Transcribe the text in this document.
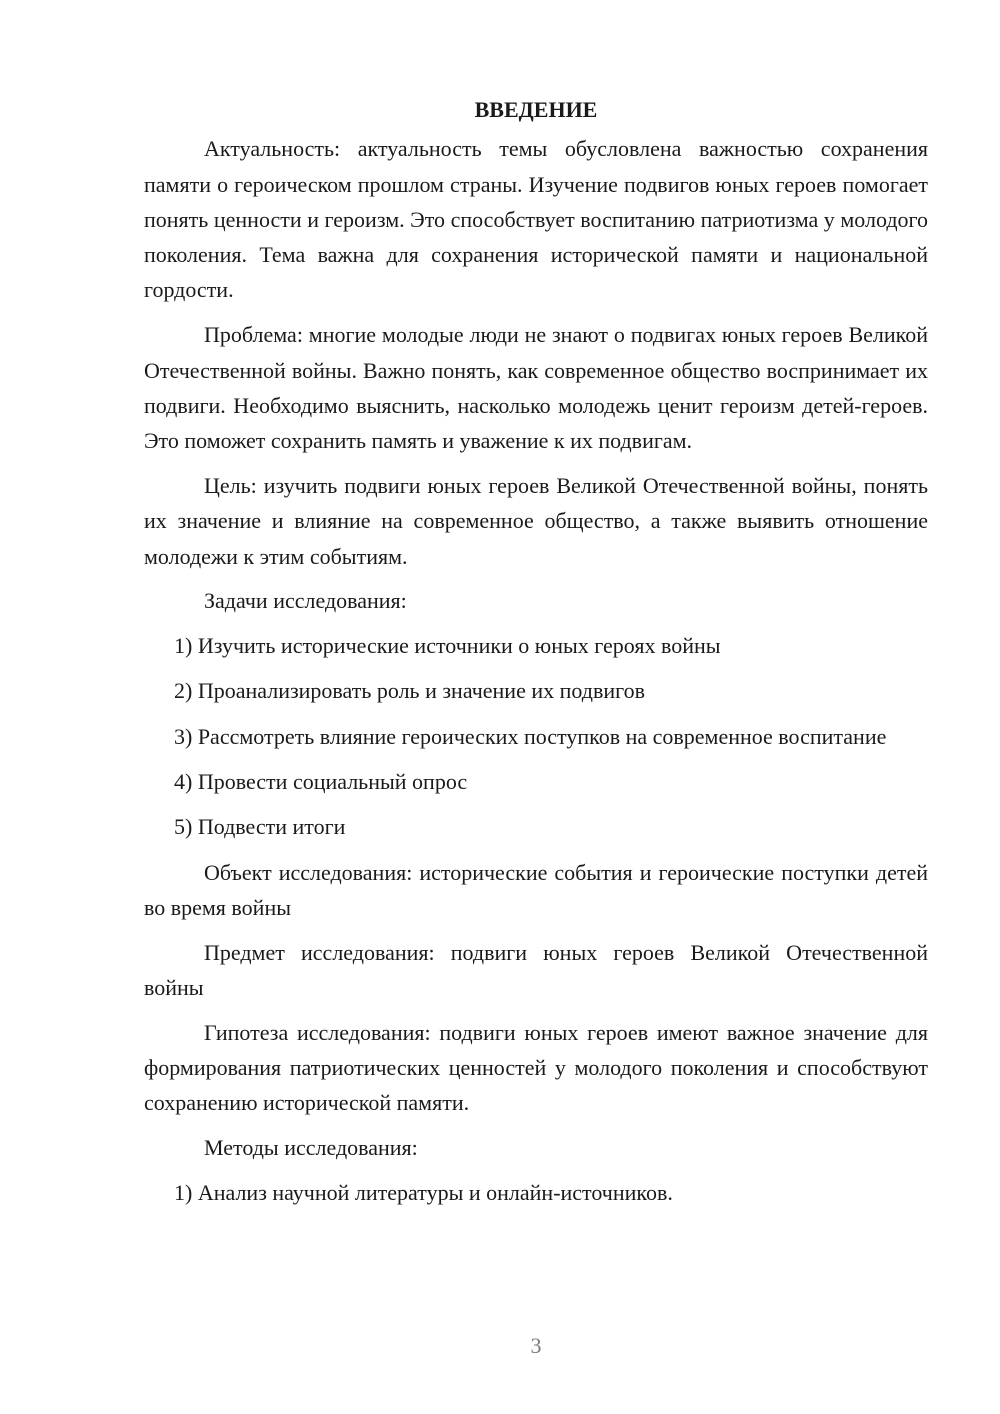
ВВЕДЕНИЕ

Актуальность: актуальность темы обусловлена важностью сохранения памяти о героическом прошлом страны. Изучение подвигов юных героев помогает понять ценности и героизм. Это способствует воспитанию патриотизма у молодого поколения. Тема важна для сохранения исторической памяти и национальной гордости.

Проблема: многие молодые люди не знают о подвигах юных героев Великой Отечественной войны. Важно понять, как современное общество воспринимает их подвиги. Необходимо выяснить, насколько молодежь ценит героизм детей-героев. Это поможет сохранить память и уважение к их подвигам.

Цель: изучить подвиги юных героев Великой Отечественной войны, понять их значение и влияние на современное общество, а также выявить отношение молодежи к этим событиям.

Задачи исследования:

1) Изучить исторические источники о юных героях войны

2) Проанализировать роль и значение их подвигов

3) Рассмотреть влияние героических поступков на современное воспитание

4) Провести социальный опрос

5) Подвести итоги

Объект исследования: исторические события и героические поступки детей во время войны

Предмет исследования: подвиги юных героев Великой Отечественной войны

Гипотеза исследования: подвиги юных героев имеют важное значение для формирования патриотических ценностей у молодого поколения и способствуют сохранению исторической памяти.

Методы исследования:

1) Анализ научной литературы и онлайн-источников.

3
